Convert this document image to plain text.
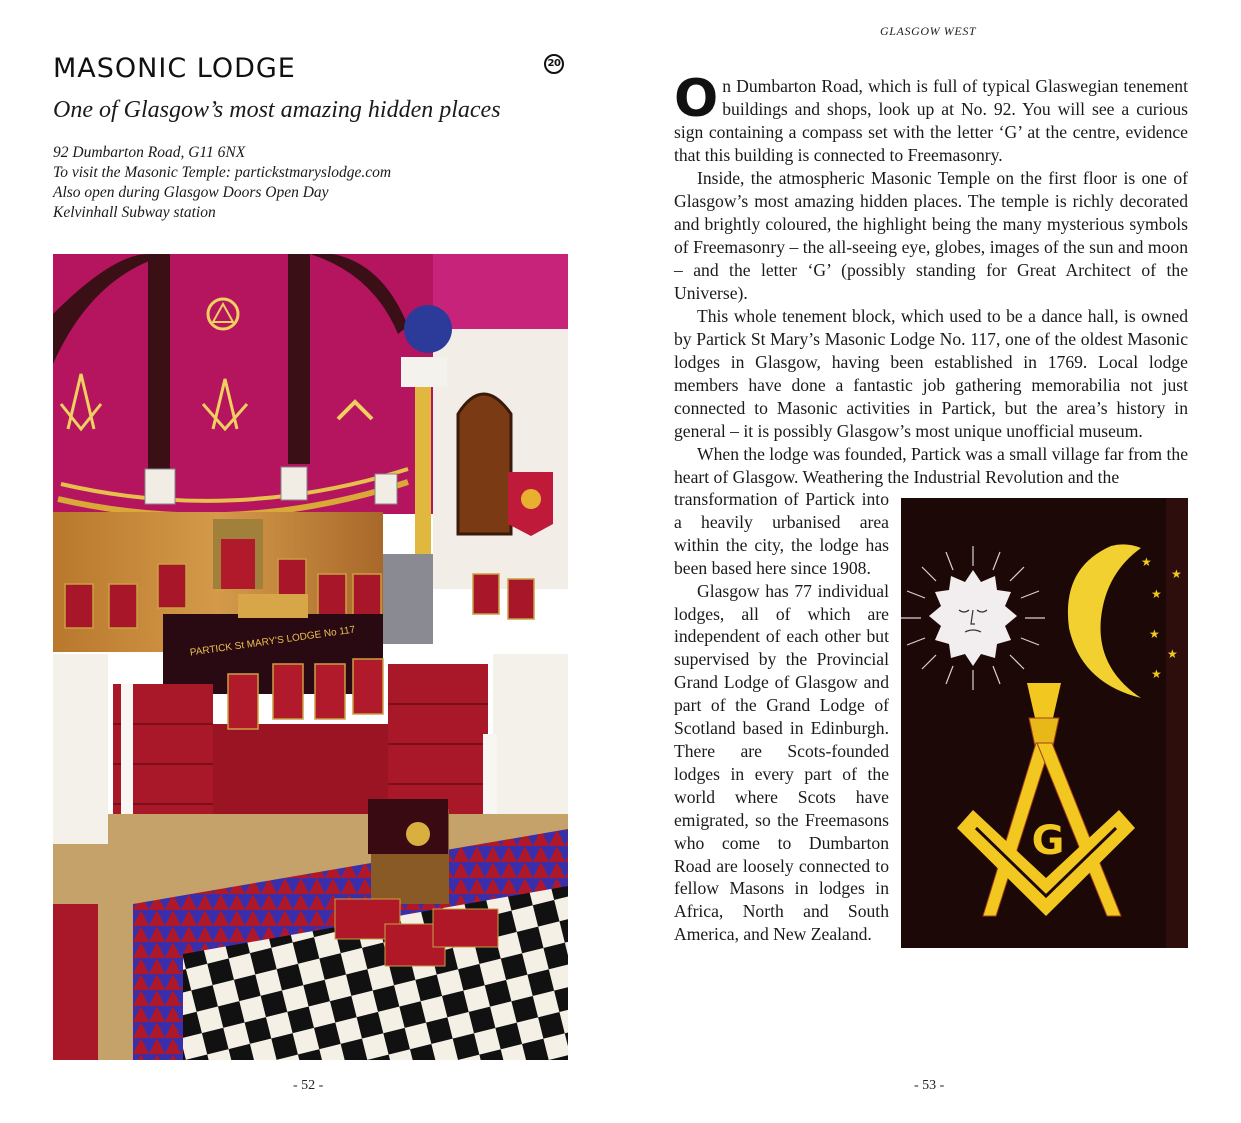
MASONIC LODGE	20
One of Glasgow’s most amazing hidden places
92 Dumbarton Road, G11 6NX
To visit the Masonic Temple: partickstmaryslodge.com
Also open during Glasgow Doors Open Day
Kelvinhall Subway station
PARTICK St MARY'S LODGE No 117
- 52 -
GLASGOW WEST

On Dumbarton Road, which is full of typical Glaswegian tenement buildings and shops, look up at No. 92. You will see a curious sign containing a compass set with the letter ‘G’ at the centre, evidence that this building is connected to Freemasonry.

Inside, the atmospheric Masonic Temple on the first floor is one of Glasgow’s most amazing hidden places. The temple is richly decorated and brightly coloured, the highlight being the many mysterious symbols of Freemasonry – the all-seeing eye, globes, images of the sun and moon – and the letter ‘G’ (possibly standing for Great Architect of the Universe).

This whole tenement block, which used to be a dance hall, is owned by Partick St Mary’s Masonic Lodge No. 117, one of the oldest Masonic lodges in Glasgow, having been established in 1769. Local lodge members have done a fantastic job gathering memorabilia not just connected to Masonic activities in Partick, but the area’s history in general – it is possibly Glasgow’s most unique unofficial museum.

When the lodge was founded, Partick was a small village far from the heart of Glasgow. Weathering the Industrial Revolution and the

transformation of Partick into a heavily urbanised area within the city, the lodge has been based here since 1908.

Glasgow has 77 individual lodges, all of which are independent of each other but supervised by the Provincial Grand Lodge of Glasgow and part of the Grand Lodge of Scotland based in Edinburgh. There are Scots-founded lodges in every part of the world where Scots have emigrated, so the Freemasons who come to Dumbarton Road are loosely connected to fellow Masons in lodges in Africa, North and South America, and New Zealand.

★
★
★
★
★
★
G
- 53 -
